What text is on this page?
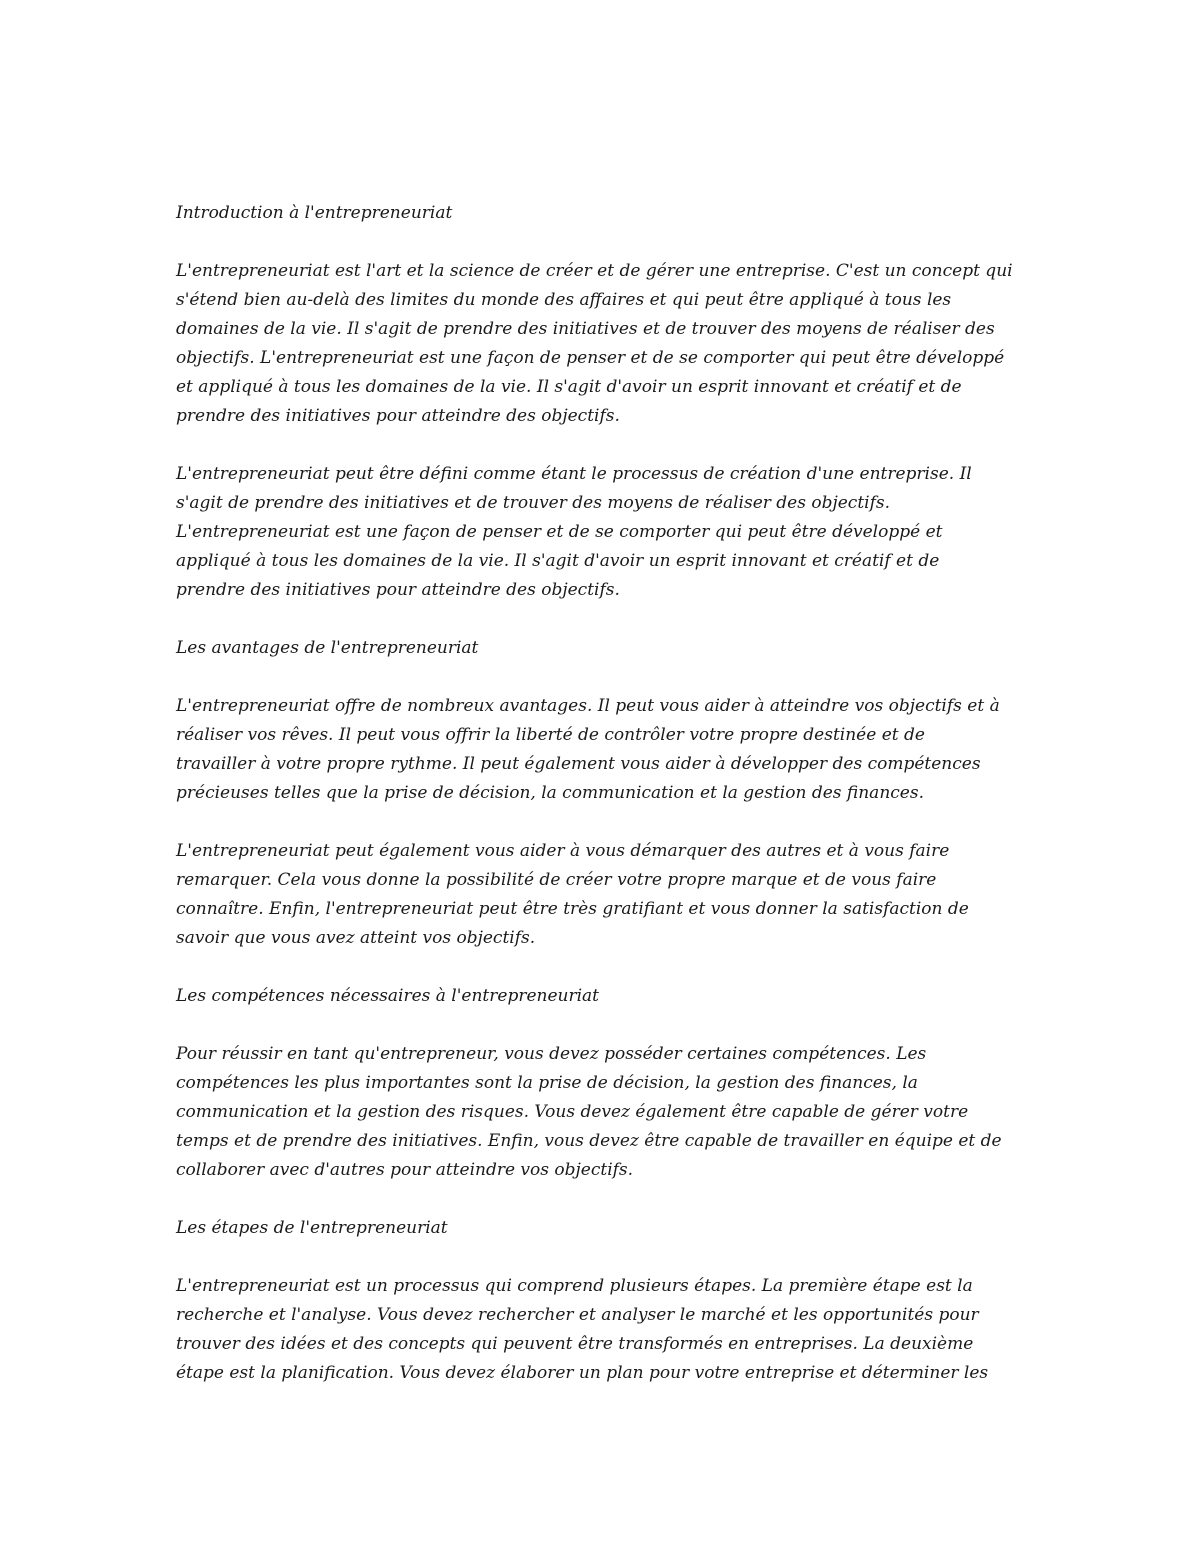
Introduction à l'entrepreneuriat
L'entrepreneuriat est l'art et la science de créer et de gérer une entreprise. C'est un concept qui
s'étend bien au-delà des limites du monde des affaires et qui peut être appliqué à tous les
domaines de la vie. Il s'agit de prendre des initiatives et de trouver des moyens de réaliser des
objectifs. L'entrepreneuriat est une façon de penser et de se comporter qui peut être développé
et appliqué à tous les domaines de la vie. Il s'agit d'avoir un esprit innovant et créatif et de
prendre des initiatives pour atteindre des objectifs.
L'entrepreneuriat peut être défini comme étant le processus de création d'une entreprise. Il
s'agit de prendre des initiatives et de trouver des moyens de réaliser des objectifs.
L'entrepreneuriat est une façon de penser et de se comporter qui peut être développé et
appliqué à tous les domaines de la vie. Il s'agit d'avoir un esprit innovant et créatif et de
prendre des initiatives pour atteindre des objectifs.
Les avantages de l'entrepreneuriat
L'entrepreneuriat offre de nombreux avantages. Il peut vous aider à atteindre vos objectifs et à
réaliser vos rêves. Il peut vous offrir la liberté de contrôler votre propre destinée et de
travailler à votre propre rythme. Il peut également vous aider à développer des compétences
précieuses telles que la prise de décision, la communication et la gestion des finances.
L'entrepreneuriat peut également vous aider à vous démarquer des autres et à vous faire
remarquer. Cela vous donne la possibilité de créer votre propre marque et de vous faire
connaître. Enfin, l'entrepreneuriat peut être très gratifiant et vous donner la satisfaction de
savoir que vous avez atteint vos objectifs.
Les compétences nécessaires à l'entrepreneuriat
Pour réussir en tant qu'entrepreneur, vous devez posséder certaines compétences. Les
compétences les plus importantes sont la prise de décision, la gestion des finances, la
communication et la gestion des risques. Vous devez également être capable de gérer votre
temps et de prendre des initiatives. Enfin, vous devez être capable de travailler en équipe et de
collaborer avec d'autres pour atteindre vos objectifs.
Les étapes de l'entrepreneuriat
L'entrepreneuriat est un processus qui comprend plusieurs étapes. La première étape est la
recherche et l'analyse. Vous devez rechercher et analyser le marché et les opportunités pour
trouver des idées et des concepts qui peuvent être transformés en entreprises. La deuxième
étape est la planification. Vous devez élaborer un plan pour votre entreprise et déterminer les
